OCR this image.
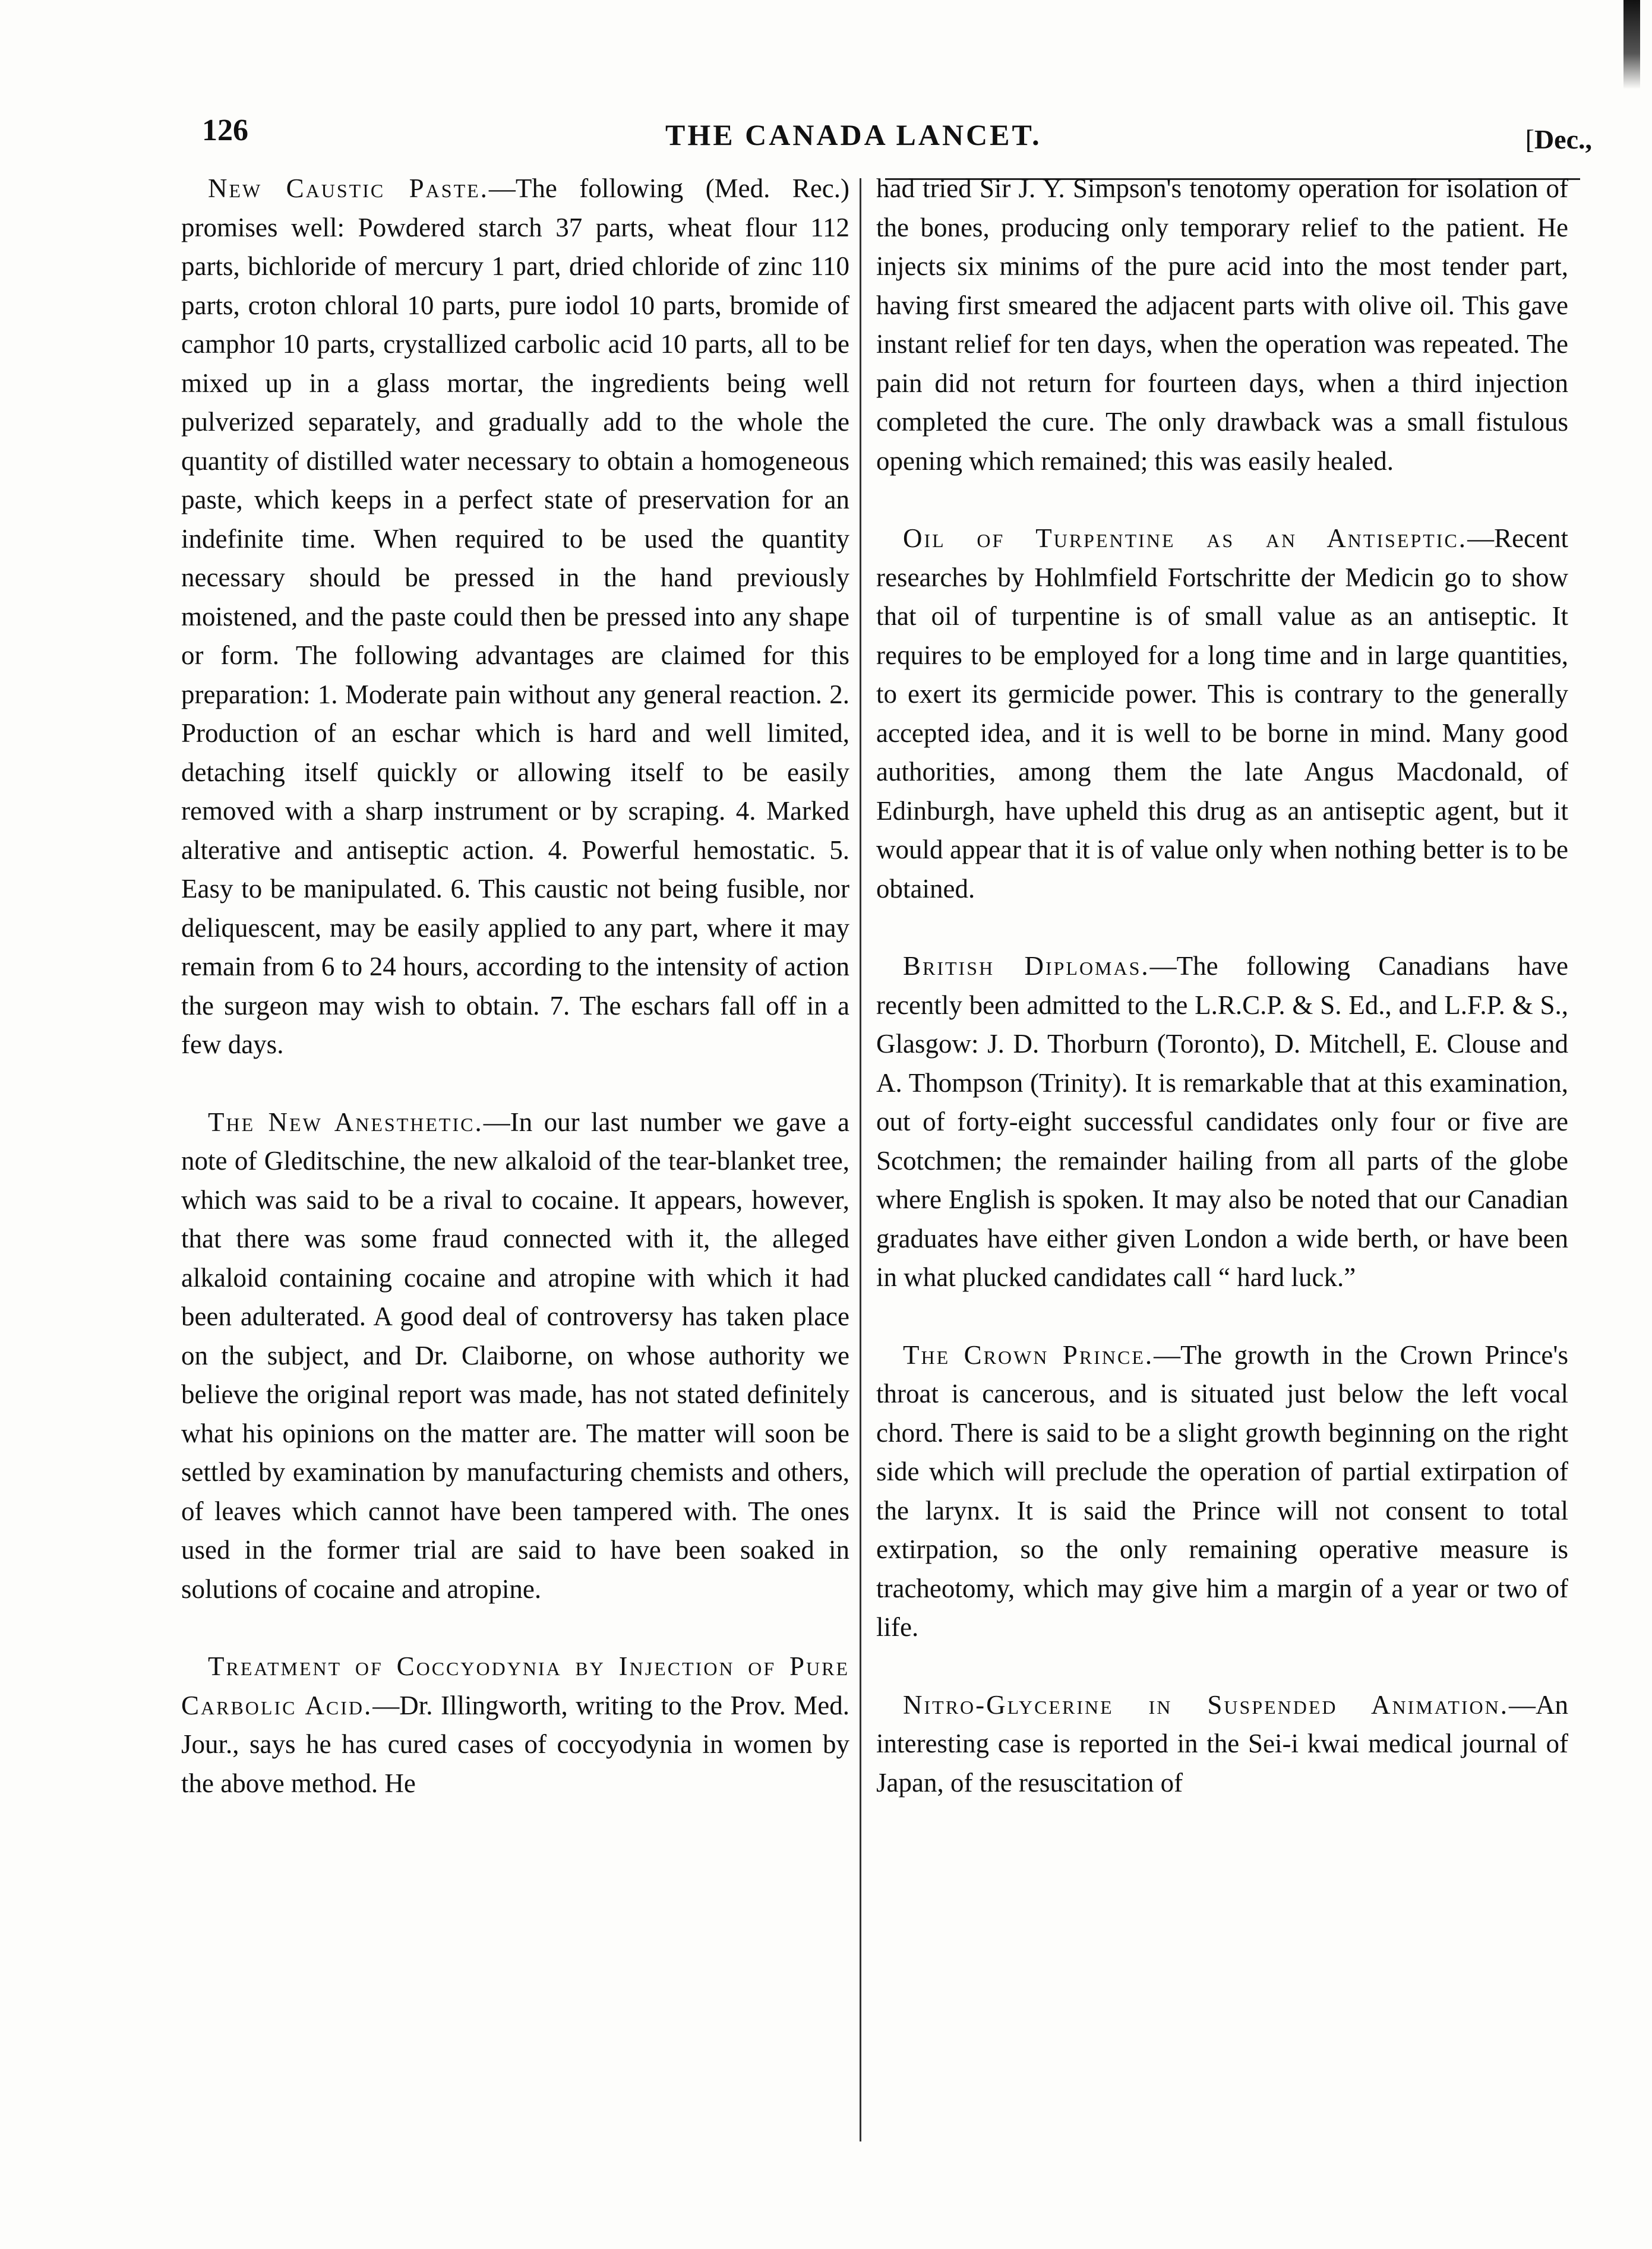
126	THE CANADA LANCET.
[	Dec.,

New Caustic Paste.—The following (Med. Rec.) promises well: Powdered starch 37 parts, wheat flour 112 parts, bichloride of mercury 1 part, dried chloride of zinc 110 parts, croton chloral 10 parts, pure iodol 10 parts, bromide of camphor 10 parts, crystallized carbolic acid 10 parts, all to be mixed up in a glass mortar, the ingredients being well pulverized separately, and gradually add to the whole the quantity of distilled water necessary to obtain a homogeneous paste, which keeps in a perfect state of preservation for an indefinite time. When required to be used the quantity necessary should be pressed in the hand previously moistened, and the paste could then be pressed into any shape or form. The following advantages are claimed for this preparation: 1. Moderate pain without any general reaction. 2. Production of an eschar which is hard and well limited, detaching itself quickly or allowing itself to be easily removed with a sharp instrument or by scraping. 4. Marked alterative and antiseptic action. 4. Powerful hemostatic. 5. Easy to be manipulated. 6. This caustic not being fusible, nor deliquescent, may be easily applied to any part, where it may remain from 6 to 24 hours, according to the intensity of action the surgeon may wish to obtain. 7. The eschars fall off in a few days.

The New Anesthetic.—In our last number we gave a note of Gleditschine, the new alkaloid of the tear-blanket tree, which was said to be a rival to cocaine. It appears, however, that there was some fraud connected with it, the alleged alkaloid containing cocaine and atropine with which it had been adulterated. A good deal of controversy has taken place on the subject, and Dr. Claiborne, on whose authority we believe the original report was made, has not stated definitely what his opinions on the matter are. The matter will soon be settled by examination by manufacturing chemists and others, of leaves which cannot have been tampered with. The ones used in the former trial are said to have been soaked in solutions of cocaine and atropine.

Treatment of Coccyodynia by Injection of Pure Carbolic Acid.—Dr. Illingworth, writing to the Prov. Med. Jour., says he has cured cases of coccyodynia in women by the above method. He

had tried Sir J. Y. Simpson's tenotomy operation for isolation of the bones, producing only temporary relief to the patient. He injects six minims of the pure acid into the most tender part, having first smeared the adjacent parts with olive oil. This gave instant relief for ten days, when the operation was repeated. The pain did not return for fourteen days, when a third injection completed the cure. The only drawback was a small fistulous opening which remained; this was easily healed.

Oil of Turpentine as an Antiseptic.—Recent researches by Hohlmfield Fortschritte der Medicin go to show that oil of turpentine is of small value as an antiseptic. It requires to be employed for a long time and in large quantities, to exert its germicide power. This is contrary to the generally accepted idea, and it is well to be borne in mind. Many good authorities, among them the late Angus Macdonald, of Edinburgh, have upheld this drug as an antiseptic agent, but it would appear that it is of value only when nothing better is to be obtained.

British Diplomas.—The following Canadians have recently been admitted to the L.R.C.P. & S. Ed., and L.F.P. & S., Glasgow: J. D. Thorburn (Toronto), D. Mitchell, E. Clouse and A. Thompson (Trinity). It is remarkable that at this examination, out of forty-eight successful candidates only four or five are Scotchmen; the remainder hailing from all parts of the globe where English is spoken. It may also be noted that our Canadian graduates have either given London a wide berth, or have been in what plucked candidates call “ hard luck.”

The Crown Prince.—The growth in the Crown Prince's throat is cancerous, and is situated just below the left vocal chord. There is said to be a slight growth beginning on the right side which will preclude the operation of partial extirpation of the larynx. It is said the Prince will not consent to total extirpation, so the only remaining operative measure is tracheotomy, which may give him a margin of a year or two of life.

Nitro-Glycerine in Suspended Animation.—An interesting case is reported in the Sei-i kwai medical journal of Japan, of the resuscitation of
